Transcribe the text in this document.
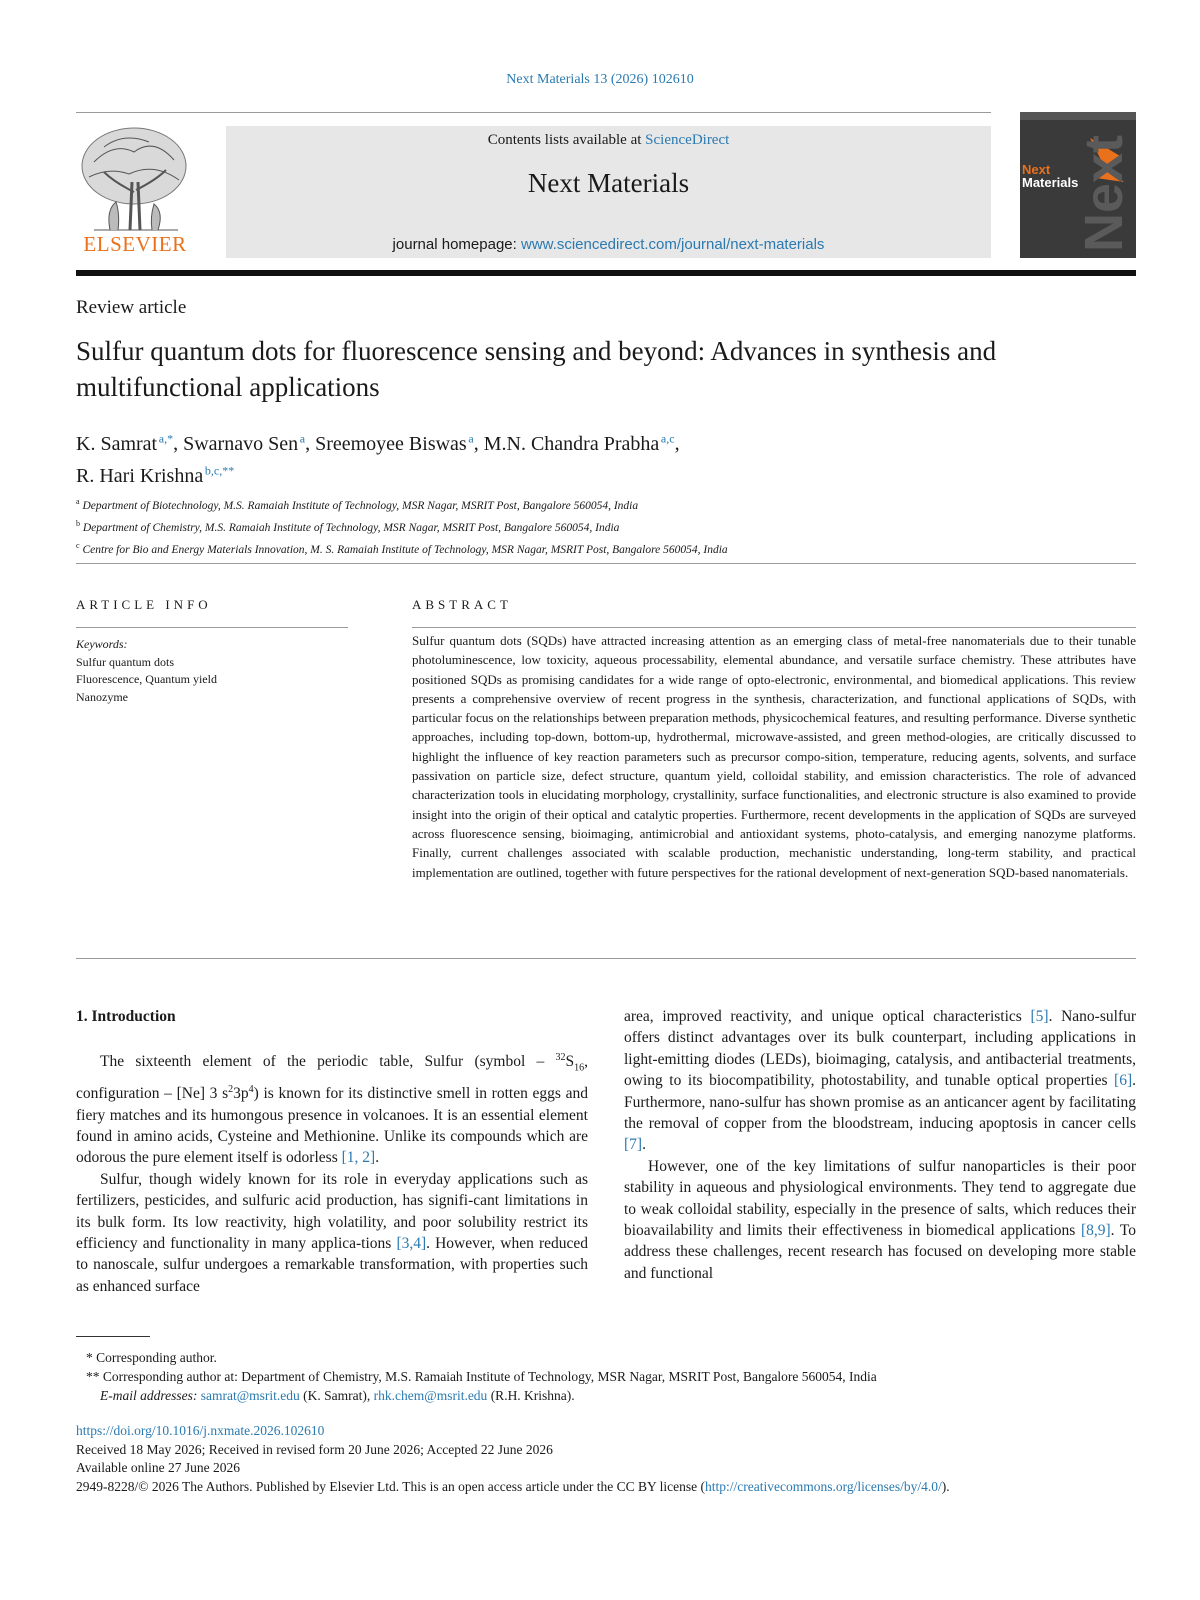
Next Materials 13 (2026) 102610
ELSEVIER
Contents lists available at ScienceDirect
Next Materials
journal homepage: www.sciencedirect.com/journal/next-materials	Next
Next
Materials
Review article
Sulfur quantum dots for fluorescence sensing and beyond: Advances in synthesis and multifunctional applications
K. Samrat  $^{a,*}$, Swarnavo Sen  $^a$, Sreemoyee Biswas  $^a$, M.N. Chandra Prabha  $^{a,c}$,
R. Hari Krishna  $^{b,c,**}$
$^a$ Department of Biotechnology, M.S. Ramaiah Institute of Technology, MSR Nagar, MSRIT Post, Bangalore 560054, India
$^b$ Department of Chemistry, M.S. Ramaiah Institute of Technology, MSR Nagar, MSRIT Post, Bangalore 560054, India
$^c$ Centre for Bio and Energy Materials Innovation, M. S. Ramaiah Institute of Technology, MSR Nagar, MSRIT Post, Bangalore 560054, India
ARTICLE INFO
Keywords:
Sulfur quantum dots
Fluorescence, Quantum yield
Nanozyme
ABSTRACT
Sulfur quantum dots (SQDs) have attracted increasing attention as an emerging class of metal-free nanomaterials due to their tunable photoluminescence, low toxicity, aqueous processability, elemental abundance, and versatile surface chemistry. These attributes have positioned SQDs as promising candidates for a wide range of opto-electronic, environmental, and biomedical applications. This review presents a comprehensive overview of recent progress in the synthesis, characterization, and functional applications of SQDs, with particular focus on the relationships between preparation methods, physicochemical features, and resulting performance. Diverse synthetic approaches, including top-down, bottom-up, hydrothermal, microwave-assisted, and green method-ologies, are critically discussed to highlight the influence of key reaction parameters such as precursor compo-sition, temperature, reducing agents, solvents, and surface passivation on particle size, defect structure, quantum yield, colloidal stability, and emission characteristics. The role of advanced characterization tools in elucidating morphology, crystallinity, surface functionalities, and electronic structure is also examined to provide insight into the origin of their optical and catalytic properties. Furthermore, recent developments in the application of SQDs are surveyed across fluorescence sensing, bioimaging, antimicrobial and antioxidant systems, photo-catalysis, and emerging nanozyme platforms. Finally, current challenges associated with scalable production, mechanistic understanding, long-term stability, and practical implementation are outlined, together with future perspectives for the rational development of next-generation SQD-based nanomaterials.
1. Introduction

The sixteenth element of the periodic table, Sulfur (symbol – $^{32}S_{16}$, configuration – [Ne] 3 $s^23p^4$) is known for its distinctive smell in rotten eggs and fiery matches and its humongous presence in volcanoes. It is an essential element found in amino acids, Cysteine and Methionine. Unlike its compounds which are odorous the pure element itself is odorless [1, 2].

Sulfur, though widely known for its role in everyday applications such as fertilizers, pesticides, and sulfuric acid production, has signifi-cant limitations in its bulk form. Its low reactivity, high volatility, and poor solubility restrict its efficiency and functionality in many applica-tions [3,4]. However, when reduced to nanoscale, sulfur undergoes a remarkable transformation, with properties such as enhanced surface

area, improved reactivity, and unique optical characteristics [5]. Nano-sulfur offers distinct advantages over its bulk counterpart, including applications in light-emitting diodes (LEDs), bioimaging, catalysis, and antibacterial treatments, owing to its biocompatibility, photostability, and tunable optical properties [6]. Furthermore, nano-sulfur has shown promise as an anticancer agent by facilitating the removal of copper from the bloodstream, inducing apoptosis in cancer cells [7].

However, one of the key limitations of sulfur nanoparticles is their poor stability in aqueous and physiological environments. They tend to aggregate due to weak colloidal stability, especially in the presence of salts, which reduces their bioavailability and limits their effectiveness in biomedical applications [8,9]. To address these challenges, recent research has focused on developing more stable and functional

* Corresponding author.
** Corresponding author at: Department of Chemistry, M.S. Ramaiah Institute of Technology, MSR Nagar, MSRIT Post, Bangalore 560054, India
E-mail addresses: samrat@msrit.edu (K. Samrat), rhk.chem@msrit.edu (R.H. Krishna).
https://doi.org/10.1016/j.nxmate.2026.102610
Received 18 May 2026; Received in revised form 20 June 2026; Accepted 22 June 2026
Available online 27 June 2026
2949-8228/© 2026 The Authors. Published by Elsevier Ltd. This is an open access article under the CC BY license (http://creativecommons.org/licenses/by/4.0/).
